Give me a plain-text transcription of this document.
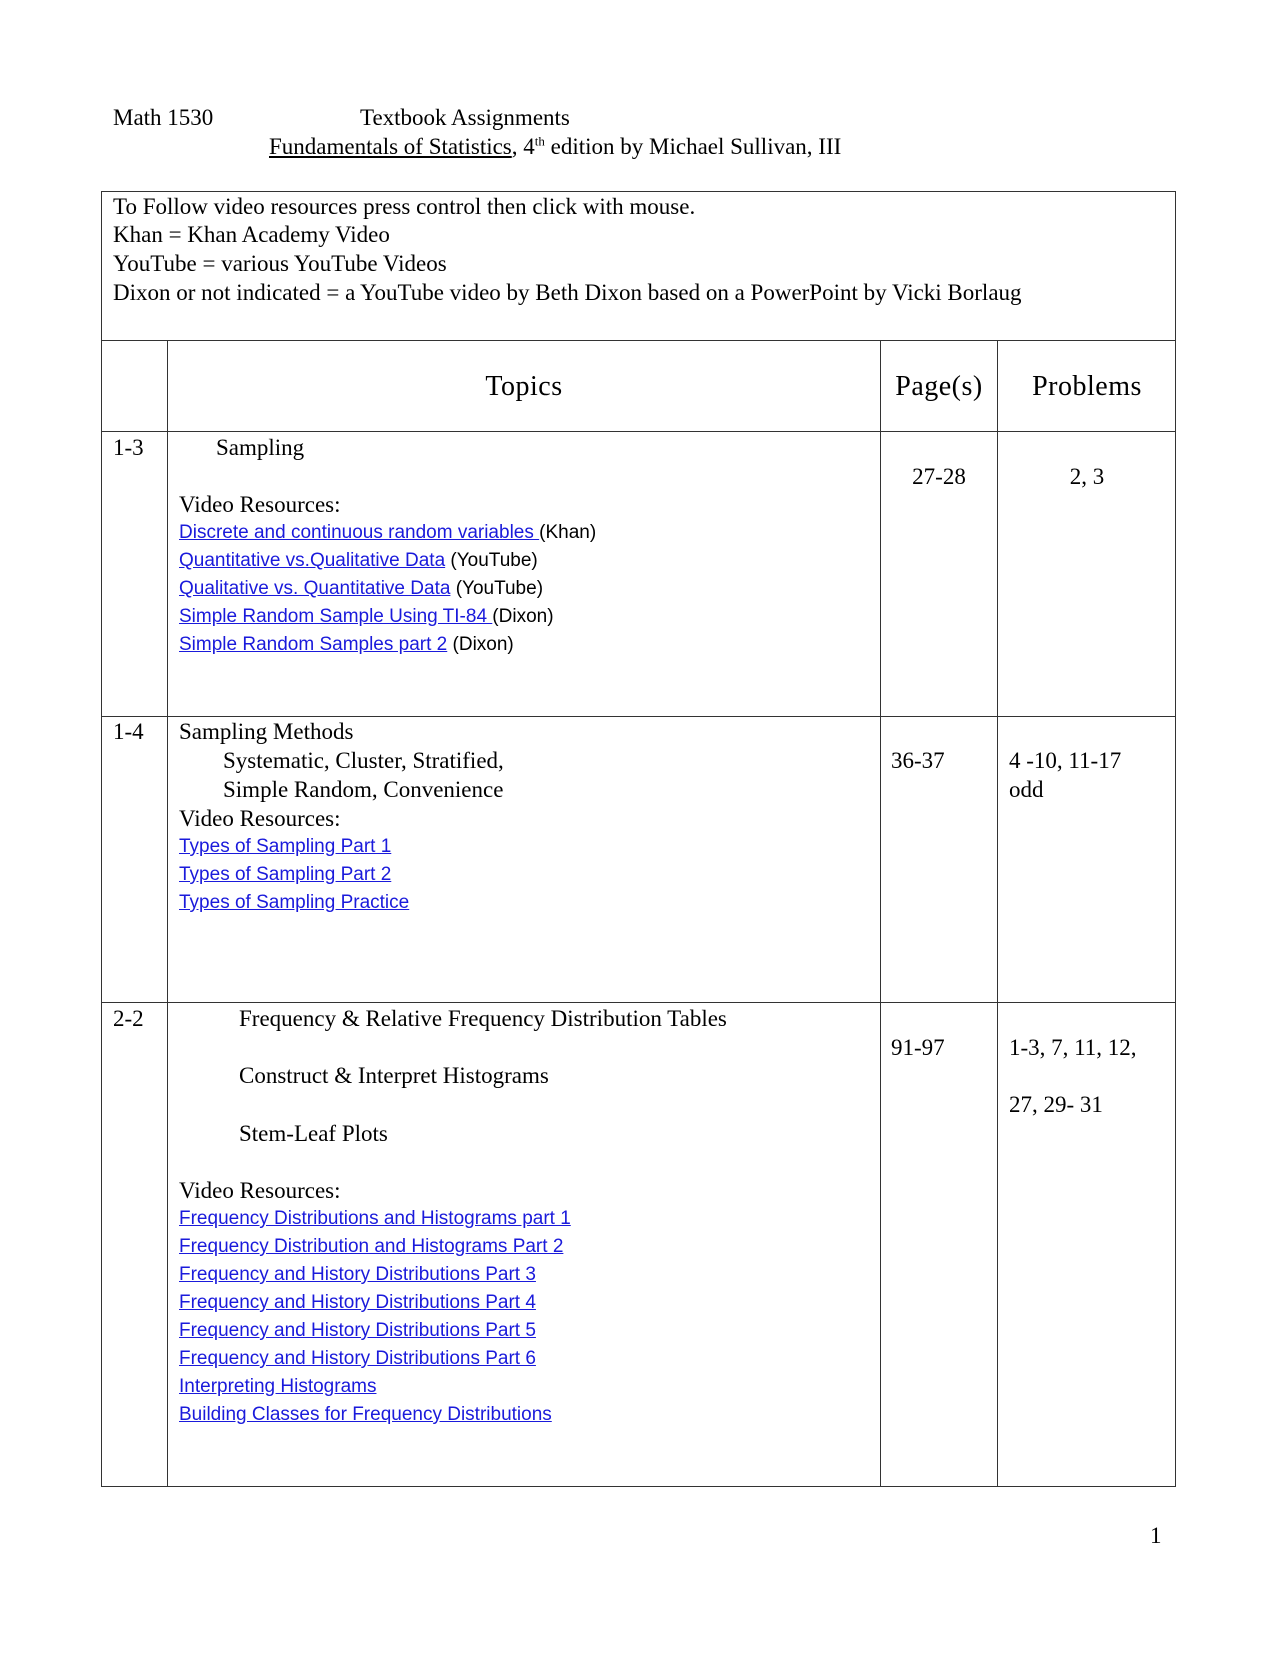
Math 1530	Textbook Assignments
Fundamentals of Statistics, 4th edition by Michael Sullivan, III
To Follow video resources press control then click with mouse.
Khan = Khan Academy Video
YouTube = various YouTube Videos
Dixon or not indicated = a YouTube video by Beth Dixon based on a PowerPoint by Vicki Borlaug
Topics	Page(s)	Problems
1-3	Sampling
Video Resources:
Discrete and continuous random variables (Khan)
Quantitative vs.Qualitative Data (YouTube)
Qualitative vs. Quantitative Data (YouTube)
Simple Random Sample Using TI-84 (Dixon)
Simple Random Samples part 2 (Dixon)
27-28	2, 3
1-4 Sampling Methods
Systematic, Cluster, Stratified,
Simple Random, Convenience
Video Resources:
Types of Sampling Part 1
Types of Sampling Part 2
Types of Sampling Practice
36-37	4 -10, 11-17
odd
2-2	Frequency & Relative Frequency Distribution Tables
Construct & Interpret Histograms
Stem-Leaf Plots
Video Resources:
Frequency Distributions and Histograms part 1
Frequency Distribution and Histograms Part 2
Frequency and History Distributions Part 3
Frequency and History Distributions Part 4
Frequency and History Distributions Part 5
Frequency and History Distributions Part 6
Interpreting Histograms
Building Classes for Frequency Distributions
91-97	1-3, 7, 11, 12,
27, 29- 31
1
